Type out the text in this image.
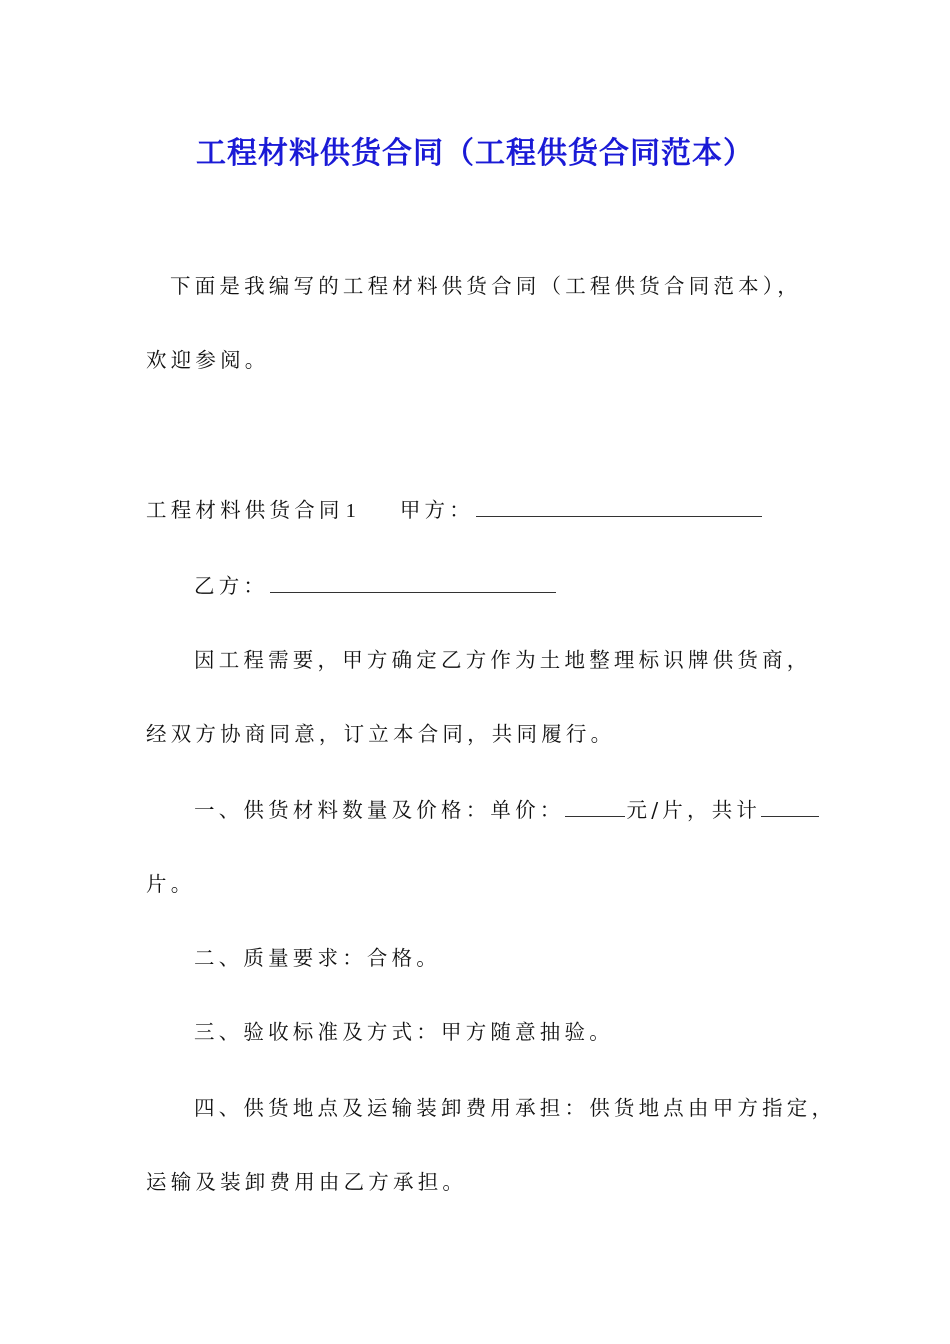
工程材料供货合同（工程供货合同范本）
下面是我编写的工程材料供货合同（工程供货合同范本），
欢迎参阅。
工程材料供货合同1 甲方：
乙方：
因工程需要，甲方确定乙方作为土地整理标识牌供货商，
经双方协商同意，订立本合同，共同履行。
一、供货材料数量及价格：单价：	元/片，共计
片。
二、质量要求：合格。
三、验收标准及方式：甲方随意抽验。
四、供货地点及运输装卸费用承担：供货地点由甲方指定，
运输及装卸费用由乙方承担。
